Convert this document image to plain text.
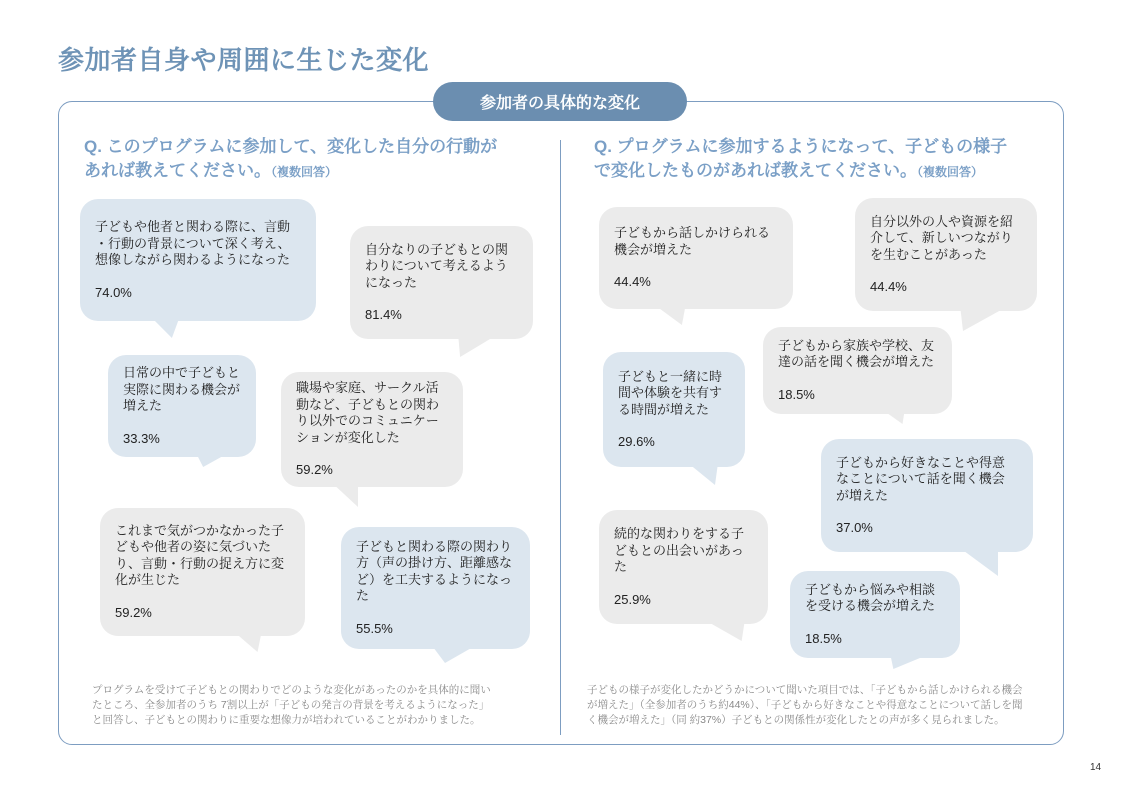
参加者自身や周囲に生じた変化
参加者の具体的な変化
Q. このプログラムに参加して、変化した自分の行動が
あれば教えてください。（複数回答）
子どもや他者と関わる際に、言動
・行動の背景について深く考え、
想像しながら関わるようになった
74.0%
自分なりの子どもとの関
わりについて考えるよう
になった
81.4%
日常の中で子どもと
実際に関わる機会が
増えた
33.3%
職場や家庭、サークル活
動など、子どもとの関わ
り以外でのコミュニケー
ションが変化した
59.2%
これまで気がつかなかった子
どもや他者の姿に気づいた
り、言動・行動の捉え方に変
化が生じた
59.2%
子どもと関わる際の関わり
方（声の掛け方、距離感な
ど）を工夫するようになっ
た
55.5%
プログラムを受けて子どもとの関わりでどのような変化があったのかを具体的に聞い
たところ、全参加者のうち 7割以上が「子どもの発言の背景を考えるようになった」
と回答し、子どもとの関わりに重要な想像力が培われていることがわかりました。
Q. プログラムに参加するようになって、子どもの様子
で変化したものがあれば教えてください。（複数回答）
子どもから話しかけられる
機会が増えた
44.4%
自分以外の人や資源を紹
介して、新しいつながり
を生むことがあった
44.4%
子どもから家族や学校、友
達の話を聞く機会が増えた
18.5%
子どもと一緒に時
間や体験を共有す
る時間が増えた
29.6%
子どもから好きなことや得意
なことについて話を聞く機会
が増えた
37.0%
続的な関わりをする子
どもとの出会いがあっ
た
25.9%
子どもから悩みや相談
を受ける機会が増えた
18.5%
子どもの様子が変化したかどうかについて聞いた項目では、「子どもから話しかけられる機会
が増えた」（全参加者のうち約44%）、「子どもから好きなことや得意なことについて話しを聞
く機会が増えた」（同 約37%）子どもとの関係性が変化したとの声が多く見られました。
14
